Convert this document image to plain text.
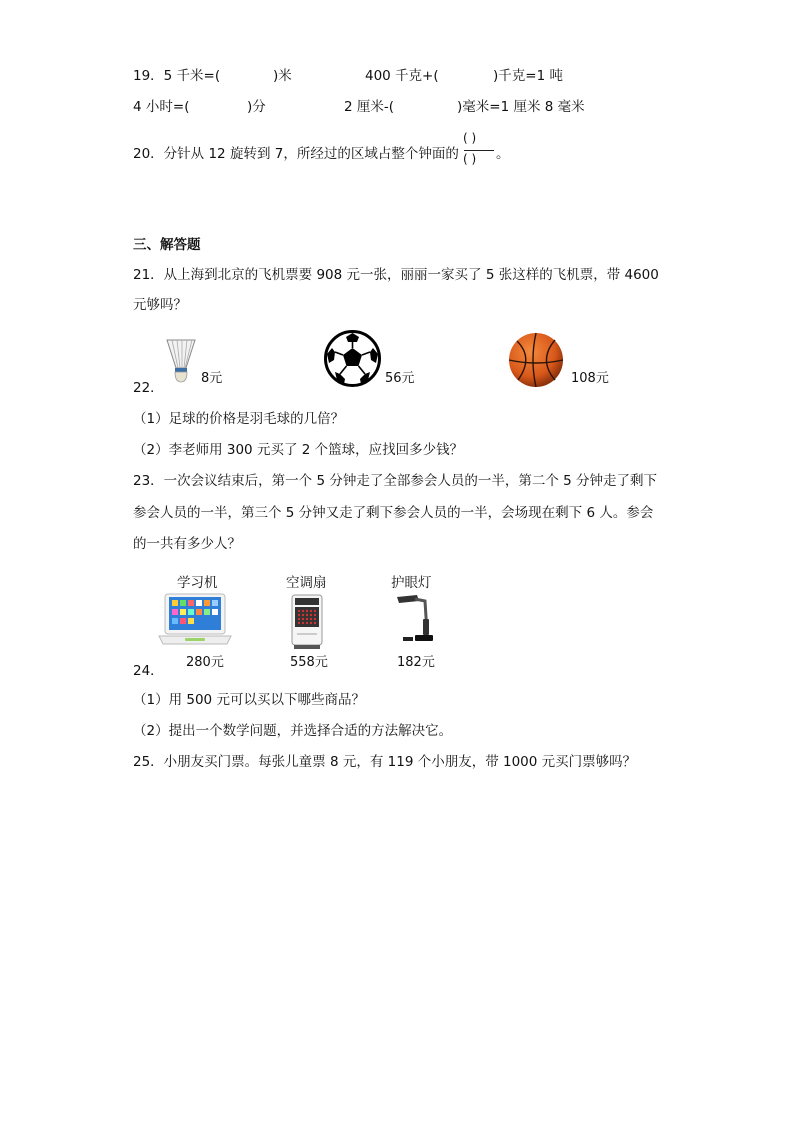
19．5 千米=(	)米	400 千克+(	)千克=1 吨
4 小时=(	)分	2 厘米-(	)毫米=1 厘米 8 毫米
20．分针从 12 旋转到 7，所经过的区域占整个钟面的
( )
( ) 。
三、解答题
21．从上海到北京的飞机票要 908 元一张，丽丽一家买了 5 张这样的飞机票，带 4600
元够吗？
22．
8元	56元	108元
（1）足球的价格是羽毛球的几倍？
（2）李老师用 300 元买了 2 个篮球，应找回多少钱？
23．一次会议结束后，第一个 5 分钟走了全部参会人员的一半，第二个 5 分钟走了剩下
参会人员的一半，第三个 5 分钟又走了剩下参会人员的一半，会场现在剩下 6 人。参会
的一共有多少人？
学习机	空调扇	护眼灯
280元	558元
24．
182元
（1）用 500 元可以买以下哪些商品？
（2）提出一个数学问题，并选择合适的方法解决它。
25．小朋友买门票。每张儿童票 8 元，有 119 个小朋友，带 1000 元买门票够吗？
